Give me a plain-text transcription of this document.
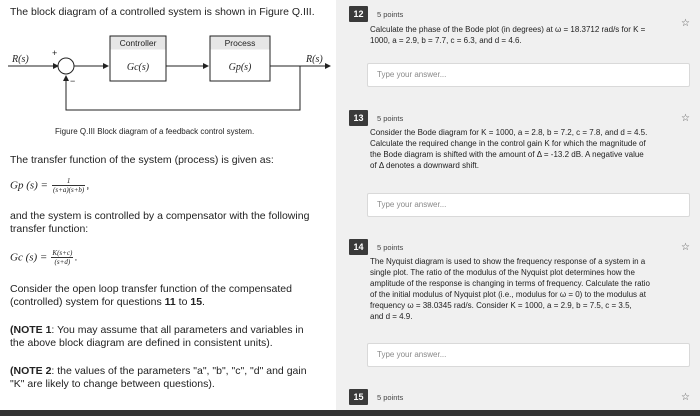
The block diagram of a controlled system is shown in Figure Q.III.
R(s)
+
−
Controller
Gc(s)
Process
Gp(s)
R(s)
Figure Q.III Block diagram of a feedback control system.
The transfer function of the system (process) is given as:
Gp $(s) = \frac{1}{(s+a)(s+b)}$ ,
and the system is controlled by a compensator with the following
transfer function:
Gc $(s) = \frac{K(s+c)}{(s+d)}$ .
Consider the open loop transfer function of the compensated
(controlled) system for questions 11 to 15.
(NOTE 1: You may assume that all parameters and variables in
the above block diagram are defined in consistent units).
(NOTE 2: the values of the parameters "a", "b", "c", "d" and gain
"K" are likely to change between questions).
12	5 points
☆
Calculate the phase of the Bode plot (in degrees) at ω = 18.3712 rad/s for K =
1000, a = 2.9, b = 7.7, c = 6.3, and d = 4.6.
Type your answer...
13	5 points	☆
Consider the Bode diagram for K = 1000, a = 2.8, b = 7.2, c = 7.8, and d = 4.5.
Calculate the required change in the control gain K for which the magnitude of
the Bode diagram is shifted with the amount of Δ = -13.2 dB. A negative value
of Δ denotes a downward shift.
Type your answer...
14	5 points	☆
The Nyquist diagram is used to show the frequency response of a system in a
single plot. The ratio of the modulus of the Nyquist plot determines how the
amplitude of the response is changing in terms of frequency. Calculate the ratio
of the initial modulus of Nyquist plot (i.e., modulus for ω = 0) to the modulus at
frequency ω = 38.0345 rad/s. Consider K = 1000, a = 2.9, b = 7.5, c = 3.5,
and d = 4.9.
Type your answer...
15	5 points	☆
